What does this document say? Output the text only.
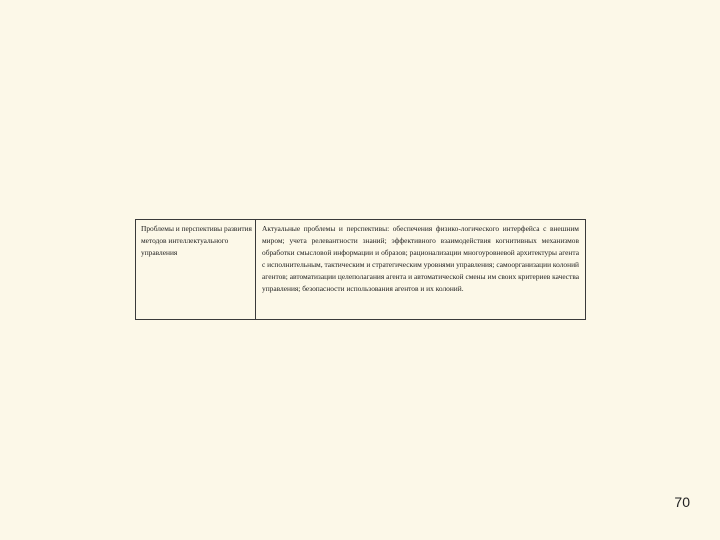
Проблемы и перспективы развития методов интеллектуального управления
Актуальные проблемы и перспективы: обеспечения физико-логического интерфейса с внешним миром; учета релевантности знаний; эффективного взаимодействия когнитивных механизмов обработки смысловой информации и образов; рационализации многоуровневой архитектуры агента с исполнительным, тактическим и стратегическим уровнями управления; самоорганизации колоний агентов; автоматизации целеполагания агента и автоматической смены им своих критериев качества управления; безопасности использования агентов и их колоний.
70
